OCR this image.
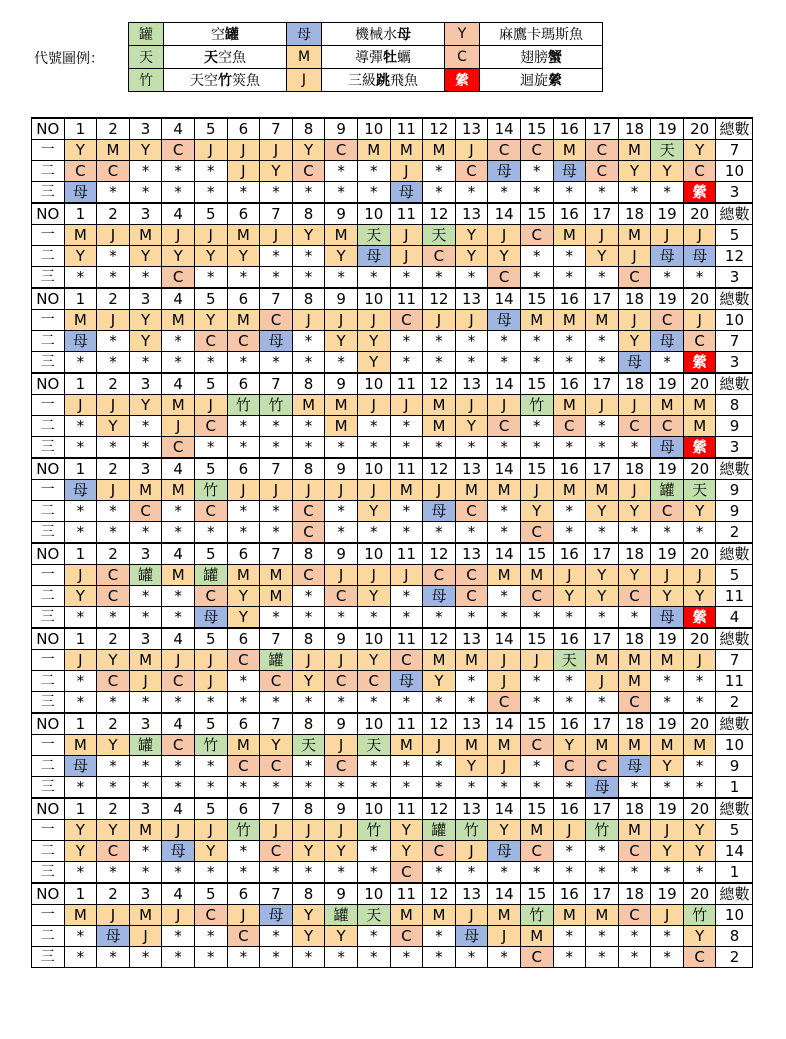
代號圖例：
罐	空罐	母	機械水母	Y	麻鷹卡瑪斯魚
天	天空魚	M	導彈牡蠣	C	翅膀蟹
竹	天空竹筴魚	J	三級跳飛魚	縈	迴旋縈
NO	1	2	3	4	5	6	7	8	9	10	11	12	13	14	15	16	17	18	19	20	總數
一	Y	M	Y	C	J	J	J	Y	C	M	M	M	J	C	C	M	C	M	天	Y	7
二	C	C	*	*	*	J	Y	C	*	*	J	*	C	母	*	母	C	Y	Y	C	10
三	母	*	*	*	*	*	*	*	*	*	母	*	*	*	*	*	*	*	*	縈	3
NO	1	2	3	4	5	6	7	8	9	10	11	12	13	14	15	16	17	18	19	20	總數
一	M	J	M	J	J	M	J	Y	M	天	J	天	Y	J	C	M	J	M	J	J	5
二	Y	*	Y	Y	Y	Y	*	*	Y	母	J	C	Y	Y	*	*	Y	J	母	母	12
三	*	*	*	C	*	*	*	*	*	*	*	*	*	C	*	*	*	C	*	*	3
NO	1	2	3	4	5	6	7	8	9	10	11	12	13	14	15	16	17	18	19	20	總數
一	M	J	Y	M	Y	M	C	J	J	J	C	J	J	母	M	M	M	J	C	J	10
二	母	*	Y	*	C	C	母	*	Y	Y	*	*	*	*	*	*	*	Y	母	C	7
三	*	*	*	*	*	*	*	*	*	Y	*	*	*	*	*	*	*	母	*	縈	3
NO	1	2	3	4	5	6	7	8	9	10	11	12	13	14	15	16	17	18	19	20	總數
一	J	J	Y	M	J	竹	竹	M	M	J	J	M	J	J	竹	M	J	J	M	M	8
二	*	Y	*	J	C	*	*	*	M	*	*	M	Y	C	*	C	*	C	C	M	9
三	*	*	*	C	*	*	*	*	*	*	*	*	*	*	*	*	*	*	母	縈	3
NO	1	2	3	4	5	6	7	8	9	10	11	12	13	14	15	16	17	18	19	20	總數
一	母	J	M	M	竹	J	J	J	J	J	M	J	M	M	J	M	M	J	罐	天	9
二	*	*	C	*	C	*	*	C	*	Y	*	母	C	*	Y	*	Y	Y	C	Y	9
三	*	*	*	*	*	*	*	C	*	*	*	*	*	*	C	*	*	*	*	*	2
NO	1	2	3	4	5	6	7	8	9	10	11	12	13	14	15	16	17	18	19	20	總數
一	J	C	罐	M	罐	M	M	C	J	J	J	C	C	M	M	J	Y	Y	J	J	5
二	Y	C	*	*	C	Y	M	*	C	Y	*	母	C	*	C	Y	Y	C	Y	Y	11
三	*	*	*	*	母	Y	*	*	*	*	*	*	*	*	*	*	*	*	母	縈	4
NO	1	2	3	4	5	6	7	8	9	10	11	12	13	14	15	16	17	18	19	20	總數
一	J	Y	M	J	J	C	罐	J	J	Y	C	M	M	J	J	天	M	M	M	J	7
二	*	C	J	C	J	*	C	Y	C	C	母	Y	*	J	*	*	J	M	*	*	11
三	*	*	*	*	*	*	*	*	*	*	*	*	*	C	*	*	*	C	*	*	2
NO	1	2	3	4	5	6	7	8	9	10	11	12	13	14	15	16	17	18	19	20	總數
一	M	Y	罐	C	竹	M	Y	天	J	天	M	J	M	M	C	Y	M	M	M	M	10
二	母	*	*	*	*	C	C	*	C	*	*	*	Y	J	*	C	C	母	Y	*	9
三	*	*	*	*	*	*	*	*	*	*	*	*	*	*	*	*	母	*	*	*	1
NO	1	2	3	4	5	6	7	8	9	10	11	12	13	14	15	16	17	18	19	20	總數
一	Y	Y	M	J	J	竹	J	J	J	竹	Y	罐	竹	Y	M	J	竹	M	J	Y	5
二	Y	C	*	母	Y	*	C	Y	Y	*	Y	C	J	母	C	*	*	C	Y	Y	14
三	*	*	*	*	*	*	*	*	*	*	C	*	*	*	*	*	*	*	*	*	1
NO	1	2	3	4	5	6	7	8	9	10	11	12	13	14	15	16	17	18	19	20	總數
一	M	J	M	J	C	J	母	Y	罐	天	M	M	J	M	竹	M	M	C	J	竹	10
二	*	母	J	*	*	C	*	Y	Y	*	C	*	母	J	M	*	*	*	*	Y	8
三	*	*	*	*	*	*	*	*	*	*	*	*	*	*	C	*	*	*	*	C	2
